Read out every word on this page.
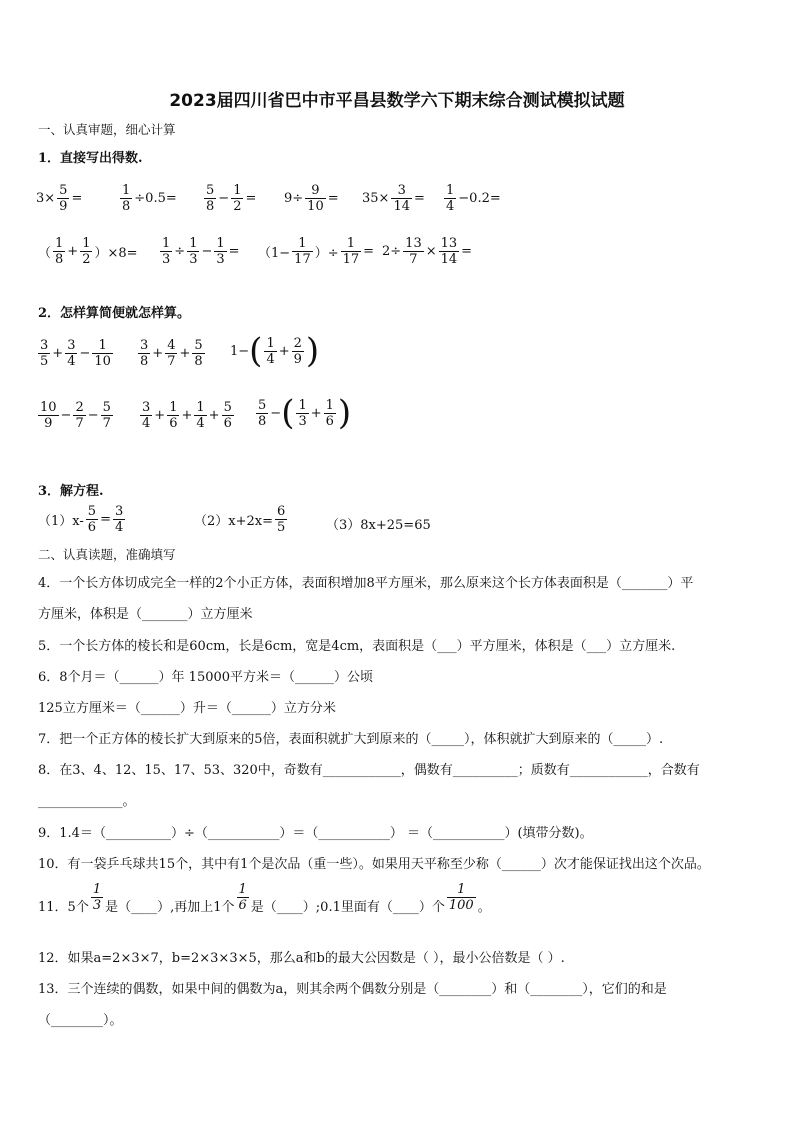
2023届四川省巴中市平昌县数学六下期末综合测试模拟试题
一、认真审题，细心计算
1．直接写出得数.
$3\times \frac{5}{9}$ =	$\frac{1}{8} \div 0.5=$
5
8
− $\frac{1}{2} = 9\div \frac{9}{10} = 35\times \frac{3}{14}$ =
1
4
−0.2=
（
1
8
+ $\frac{1}{2} )\times 8= \frac{1}{3} \div \frac{1}{3} - \frac{1}{3} = (1- \frac{1}{17}$ ）÷ $\frac{1}{17} = 2\div \frac{13}{7} \times \frac{13}{14}$ =
2．怎样算简便就怎样算。
3
5
+ $\frac{3}{4} - \frac{1}{10} 3$
8
+ $\frac{4}{7} + \frac{5}{8} 1-$ ( 1
4
+ $\frac{2}{9}$ )
10
9
− $\frac{2}{7} - \frac{5}{7} 3$
4
+ $\frac{1}{6} + \frac{1}{4} + \frac{5}{6} 5$
8
− ( 1
3
+ $\frac{1}{6}$ )
3．解方程.
$(1)x- \frac{5}{6} = \frac{3}{4}$	$(2)x+2x= \frac{6}{5}$	（3）8x+25=65
二、认真读题，准确填写
4．一个长方体切成完全一样的2个小正方体，表面积增加8平方厘米，那么原来这个长方体表面积是（_______）平
方厘米，体积是（_______）立方厘米
5．一个长方体的棱长和是60cm，长是6cm，宽是4cm，表面积是（___）平方厘米，体积是（___）立方厘米.
6．8个月＝（______）年 15000平方米＝（______）公顷
125立方厘米＝（______）升＝（______）立方分米
7．把一个正方体的棱长扩大到原来的5倍，表面积就扩大到原来的（_____），体积就扩大到原来的（_____）.
8．在3、4、12、15、17、53、320中，奇数有____________，偶数有__________；质数有____________，合数有
_____________。
9．1.4＝（__________）÷（___________）＝（___________） ＝（___________）(填带分数)。
10．有一袋乒乓球共15个，其中有1个是次品（重一些）。如果用天平称至少称（______）次才能保证找出这个次品。
11．5个
1
3 是（____）,再加上1个
1
6 是（____）;0.1里面有（____）个
1
100 。
12．如果a=2×3×7，b=2×3×3×5，那么a和b的最大公因数是（ ），最小公倍数是（ ）.
13．三个连续的偶数，如果中间的偶数为a，则其余两个偶数分别是（________）和（________），它们的和是
（________）。
